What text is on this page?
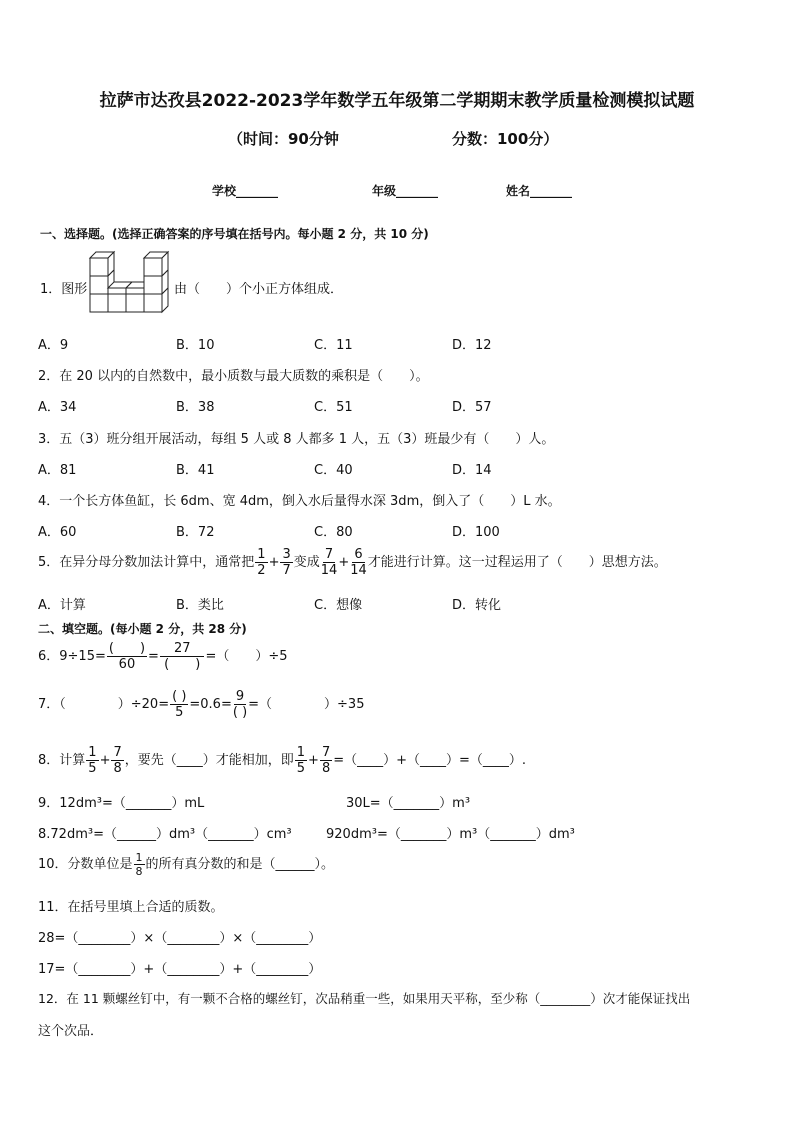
拉萨市达孜县2022-2023学年数学五年级第二学期期末教学质量检测模拟试题
（时间：90分钟	分数：100分）
学校_______	年级_______	姓名_______
一、选择题。(选择正确答案的序号填在括号内。每小题 2 分，共 10 分)
1．图形	由（　　）个小正方体组成．
A．9	B．10	C．11	D．12
2．在 20 以内的自然数中，最小质数与最大质数的乘积是（　　）。
A．34	B．38	C．51	D．57
3．五（3）班分组开展活动，每组 5 人或 8 人都多 1 人，五（3）班最少有（　　）人。
A．81	B．41	C．40	D．14
4．一个长方体鱼缸，长 6dm、宽 4dm，倒入水后量得水深 3dm，倒入了（　　）L 水。
A．60	B．72	C．80	D．100
5．在异分母分数加法计算中，通常把 $\frac{1}{2} + \frac{3}{7}$ 变成 $\frac{7}{14} + \frac{6}{14}$ 才能进行计算。这一过程运用了（　　）思想方法。
A．计算	B．类比	C．想像	D．转化
二、填空题。(每小题 2 分，共 28 分)
6．$9\div 15= \frac{( )}{60} = \frac{27}{( )}$ =（　　）÷5
7．（　　　　）$\div 20= \frac{( )}{5} =0.6= \frac{9}{( )}$ =（　　　　）÷35
8．计算 $\frac{1}{5} + \frac{7}{8}$ ，要先（____）才能相加，即 $\frac{1}{5} + \frac{7}{8}$ =（____）+（____）=（____）.
9．12dm³=（_______）mL	30L=（_______）m³
8.72dm³=（______）dm³（_______）cm³	920dm³=（_______）m³（_______）dm³
10．分数单位是 $\frac{1}{8}$ 的所有真分数的和是（______）。
11．在括号里填上合适的质数。
28=（________）×（________）×（________）
17=（________）+（________）+（________）
12．在 11 颗螺丝钉中，有一颗不合格的螺丝钉，次品稍重一些，如果用天平称，至少称（________）次才能保证找出
这个次品．
